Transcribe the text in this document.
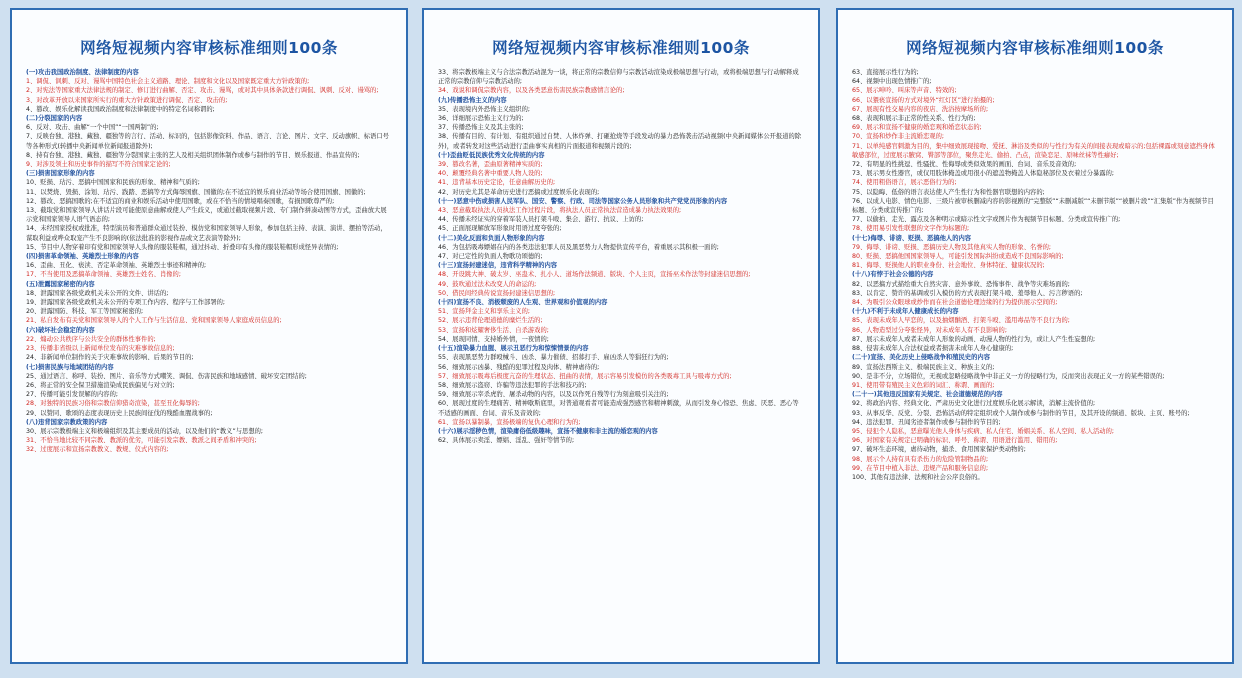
网络短视频内容审核标准细则100条
(一)攻击我国政治制度、法律制度的内容
1、调侃、讽刺、反对、谩骂中国特色社会主义道路、理论、制度和文化以及国家既定重大方针政策的;
2、对宪法等国家重大法律法规的制定、修订进行曲解、否定、攻击、谩骂，或对其中具体条款进行调侃、讽刺、反对、谩骂的;
3、对改革开放以来国家所实行的重大方针政策进行调侃、否定、攻击的;
4、篡改、娱乐化解读我国政治制度和法律制度中的特定名词称谓的;
(二)分裂国家的内容
6、反对、攻击、曲解“一个中国”“一国两制”的;
7、反映台独、港独、藏独、疆独等的言行、活动、标识的，包括影像资料、作品、语言、言论、图片、文字、反动旗帜、标语口号等各种形式(转播中央新闻单位新闻报道除外);
8、持有台独、港独、藏独、疆独等分裂国家主张的艺人及相关组织团体制作或参与制作的节目、娱乐报道、作品宣传的;
9、对涉及领土和历史事件的描写不符合国家定论的;
(三)损害国家形象的内容
10、贬损、玷污、恶搞中国国家和民族的形象、精神和气质的;
11、以焚烧、毁损、涂划、玷污、践踏、恶搞等方式侮辱国旗、国徽的;在不适宜的娱乐商业活动等场合使用国旗、国徽的;
12、篡改、恶搞国歌的;在不适宜的商业和娱乐活动中使用国歌，或在不恰当的情境唱奏国歌，有损国歌尊严的;
13、截取党和国家领导人讲话片段可能使原意曲解或使人产生歧义，或通过截取视频片段、专门制作拼凑动图等方式，歪曲放大展示党和国家领导人语气语态的;
14、未经国家授权或批准，特型演员和普通群众通过装扮、模仿党和国家领导人形象，参加包括主持、表演、演讲、摆拍等活动，谋取利益或哗众取宠产生不良影响的(依法批准的影视作品或文艺表演等除外);
15、节目中人物穿着印有党和国家领导人头像的服装鞋帽，通过抖动、折叠印有头像的服装鞋帽形成怪异表情的;
(四)损害革命领袖、英雄烈士形象的内容
16、歪曲、丑化、亵渎、否定革命领袖、英雄烈士事迹和精神的;
17、不当使用及恶搞革命领袖、英雄烈士姓名、肖像的;
(五)泄露国家秘密的内容
18、泄露国家各级党政机关未公开的文件、讲话的;
19、泄露国家各级党政机关未公开的专项工作内容、程序与工作部署的;
20、泄露国防、科技、军工等国家秘密的;
21、私自发布有关党和国家领导人的个人工作与生活信息、党和国家领导人家庭成员信息的;
(六)破坏社会稳定的内容
22、煽动公共秩序与公共安全的群体性事件的;
23、传播非省级以上新闻单位发布的灾难事故信息的;
24、非新闻单位制作的关于灾难事故的影响、后果的节目的;
(七)损害民族与地域团结的内容
25、通过语言、称呼、装扮、图片、音乐等方式嘲笑、调侃、伤害民族和地域感情、破坏安定团结的;
26、将正常的安全保卫措施渲染成民族偏见与对立的;
27、传播可能引发误解的内容的;
28、对独特的民族习俗和宗教信仰猎奇渲染，甚至丑化侮辱的;
29、以赞同、歌颂的态度表现历史上民族间征伐的残酷血腥战事的;
(八)违背国家宗教政策的内容
30、展示宗教极端主义和极端组织及其主要成员的活动，以及他们的“教义”与思想的;
31、不恰当地比较不同宗教、教派的优劣，可能引发宗教、教派之间矛盾和冲突的;
32、过度展示和宣扬宗教教义、教规、仪式内容的;
网络短视频内容审核标准细则100条
33、将宗教极端主义与合法宗教活动混为一谈，将正常的宗教信仰与宗教活动渲染成极端思想与行动，或将极端思想与行动解释成正常的宗教信仰与宗教活动的;
34、戏说和调侃宗教内容，以及各类恶意伤害民族宗教感情言论的;
(九)传播恐怖主义的内容
35、表现境内外恐怖主义组织的;
36、详细展示恐怖主义行为的;
37、传播恐怖主义及其主张的;
38、传播有目的、有计划、有组织通过自焚、人体炸弹、打砸抢烧等手段发动的暴力恐怖袭击活动视频(中央新闻媒体公开报道的除外)，或者转发对这些活动进行歪曲事实真相的片面报道和视频片段的;
(十)歪曲贬低民族优秀文化传统的内容
39、篡改名著，歪曲原著精神实质的;
40、颠覆经典名著中重要人物人设的;
41、违背基本历史定论，任意曲解历史的;
42、对历史尤其是革命历史进行恶搞或过度娱乐化表现的;
(十一)恶意中伤或损害人民军队、国安、警察、行政、司法等国家公务人员形象和共产党党员形象的内容
43、恶意截取执法人员执法工作过程片段，将执法人员正常执法营造成暴力执法效果的;
44、传播未经证实的穿着军装人员打架斗殴、集会、游行、抗议、上访的;
45、正面展现解放军形象时用语过度夸张的;
(十二)美化反面和负面人物形象的内容
46、为包括吸毒嫖娼在内的各类违法犯罪人员及黑恶势力人物提供宣传平台，着重展示其积极一面的;
47、对已定性的负面人物歌功颂德的;
(十三)宣扬封建迷信，违背科学精神的内容
48、开设跳大神、破太岁、巫蛊术、扎小人、道场作法频道、版块、个人主页，宣扬巫术作法等封建迷信思想的;
49、鼓吹通过法术改变人的命运的;
50、借民间经典传说宣扬封建迷信思想的;
(十四)宣扬不良、消极颓废的人生观、世界观和价值观的内容
51、宣扬拜金主义和享乐主义的;
52、展示违背伦理道德的糜烂生活的;
53、宣扬和炫耀奢侈生活、自杀游戏的;
54、展现同情、支持婚外情，一夜情的;
(十五)渲染暴力血腥、展示丑恶行为和惊悚情景的内容
55、表现黑恶势力群殴械斗、凶杀、暴力催债、招募打手、雇凶杀人等猖狂行为的;
56、细致展示凶暴、残酷的犯罪过程及肉体、精神虐待的;
57、细致展示吸毒后极度亢奋的生理状态、扭曲的表情，展示容易引发模仿的各类吸毒工具与吸毒方式的;
58、细致展示盗窃、诈骗等违法犯罪的手法和技巧的;
59、细致展示宰杀虎豹、屠杀动物的内容，以及以作死自残等行为刻意吸引关注的;
60、展现过度的生理痛苦、精神歇斯底里，对普通观看者可能造成强烈感官和精神刺激，从而引发身心惊恐、焦虑、厌恶、恶心等不适感的画面、台词、音乐及音效的;
61、宣扬以暴制暴，宣扬极端的复仇心理和行为的;
(十六)展示淫秽色情，渲染庸俗低级趣味，宣扬不健康和非主流的婚恋观的内容
62、具体展示卖淫、嫖娼、淫乱、强奸等情节的;
网络短视频内容审核标准细则100条
63、直接展示性行为的;
64、视频中出现色情推广的;
65、展示呻吟、叫床等声音、特效的;
66、以猥亵宣扬的方式对境外“红灯区”进行拍摄的;
67、展现有性交易内容的夜店、洗浴按摩场所的;
68、表现和展示非正常的性关系、性行为的;
69、展示和宣扬不健康的婚恋观和婚恋状态的;
70、宣扬和炒作非主流婚恋观的;
71、以单纯感官刺激为目的，集中细致展现接吻、爱抚、淋浴及类似的与性行为有关的间接表现或暗示的;包括裸露或刻意遮挡身体敏感部位，过度展示腋窝、臀部等部位，聚焦走光、偷拍、凸点，渲染恋足、原味丝袜等性癖好;
72、有明显的性挑逗、性骚扰、性侮辱或类似效果的画面、台词、音乐及音效的;
73、展示男女性器官，或仅用肢体掩盖或用很小的遮盖物掩盖人体隐秘部位及衣着过分暴露的;
74、使用粗俗语言，展示恶俗行为的;
75、以隐晦、低俗的语言表达使人产生性行为和性器官联想的内容的;
76、以成人电影、情色电影、三级片被审核删减内容的影视剧的“完整版”“未删减版”“未删节版”“被删片段”“汇集版”作为视频节目标题、分类或宣传推广的;
77、以偷拍、走光、露点及各种明示或暗示性文字或图片作为视频节目标题、分类或宣传推广的;
78、使用易引发性联想的文字作为标题的;
(十七)侮辱、诽谤、贬损、恶搞他人的内容
79、侮辱、诽谤、贬损、恶搞历史人物及其他真实人物的形象、名誉的;
80、贬损、恶搞他国国家领导人，可能引发国际纠纷或造成不良国际影响的;
81、侮辱、贬损他人的职业身份、社会地位、身体特征、健康状况的;
(十八)有悖于社会公德的内容
82、以恶搞方式描绘重大自然灾害、意外事故、恐怖事件、战争等灾难场面的;
83、以肯定、赞许的基调或引入模仿的方式表现打架斗殴、羞辱他人、污言秽语的;
84、为吸引公众眼球或炒作而在社会道德伦理边缘的行为提供展示空间的;
(十九)不利于未成年人健康成长的内容
85、表现未成年人早恋的，以及抽烟酗酒、打架斗殴、滥用毒品等不良行为的;
86、人物造型过分夸张怪异，对未成年人有不良影响的;
87、展示未成年人或者未成年人形象的动画、动漫人物的性行为，或让人产生性妄想的;
88、侵害未成年人合法权益或者损害未成年人身心健康的;
(二十)宣扬、美化历史上侵略战争和殖民史的内容
89、宣扬法西斯主义、极端民族主义、种族主义的;
90、是非不分，立场错位，无视或忽略侵略战争中非正义一方的侵略行为，反而突出表现正义一方的某些错误的;
91、使用带有殖民主义色彩的词汇、称谓、画面的;
(二十一)其他违反国家有关规定、社会道德规范的内容
92、将政治内容、经典文化、严肃历史文化进行过度娱乐化展示解读，消解主流价值的;
93、从事反华、反党、分裂、恐怖活动的特定组织或个人制作或参与制作的节目，及其开设的频道、版块、主页、账号的;
94、违法犯罪、丑闻劣迹者制作或参与制作的节目的;
95、侵犯个人隐私，恶意曝光他人身体与疾病、私人住宅、婚姻关系、私人空间、私人活动的;
96、对国家有关规定已明确的标识、呼号、称谓、用语进行滥用、错用的;
97、破坏生态环境，虐待动物，捕杀、食用国家保护类动物的;
98、展示个人持有具有杀伤力的危险管制物品的;
99、在节目中植入非法、违规产品和服务信息的;
100、其他有违法律、法规和社会公序良俗的。
